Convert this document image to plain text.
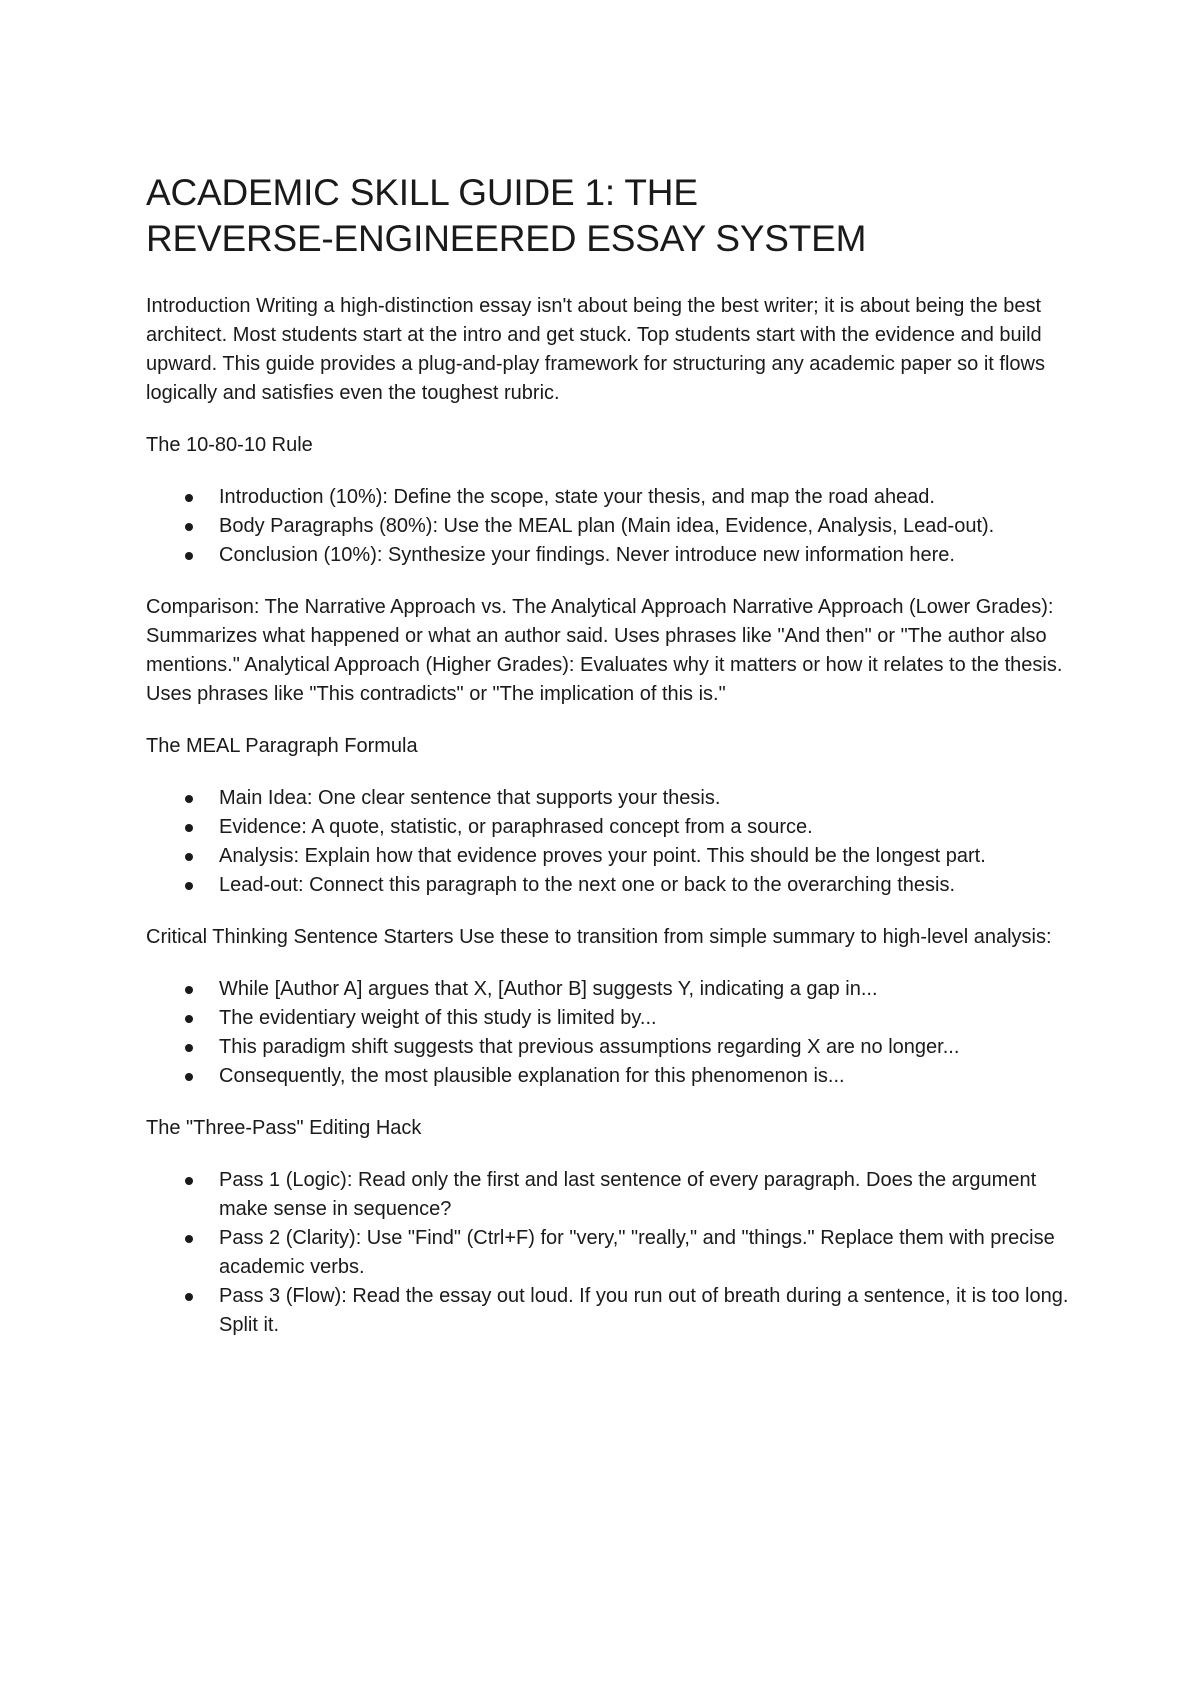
ACADEMIC SKILL GUIDE 1: THE
REVERSE-ENGINEERED ESSAY SYSTEM

Introduction Writing a high-distinction essay isn't about being the best writer; it is about being the best architect. Most students start at the intro and get stuck. Top students start with the evidence and build upward. This guide provides a plug-and-play framework for structuring any academic paper so it flows logically and satisfies even the toughest rubric.

The 10-80-10 Rule
Introduction (10%): Define the scope, state your thesis, and map the road ahead.
Body Paragraphs (80%): Use the MEAL plan (Main idea, Evidence, Analysis, Lead-out).
Conclusion (10%): Synthesize your findings. Never introduce new information here.

Comparison: The Narrative Approach vs. The Analytical Approach Narrative Approach (Lower Grades): Summarizes what happened or what an author said. Uses phrases like "And then" or "The author also mentions." Analytical Approach (Higher Grades): Evaluates why it matters or how it relates to the thesis. Uses phrases like "This contradicts" or "The implication of this is."

The MEAL Paragraph Formula
Main Idea: One clear sentence that supports your thesis.
Evidence: A quote, statistic, or paraphrased concept from a source.
Analysis: Explain how that evidence proves your point. This should be the longest part.
Lead-out: Connect this paragraph to the next one or back to the overarching thesis.

Critical Thinking Sentence Starters Use these to transition from simple summary to high-level analysis:

While [Author A] argues that X, [Author B] suggests Y, indicating a gap in...
The evidentiary weight of this study is limited by...
This paradigm shift suggests that previous assumptions regarding X are no longer...
Consequently, the most plausible explanation for this phenomenon is...
The "Three-Pass" Editing Hack
Pass 1 (Logic): Read only the first and last sentence of every paragraph. Does the argument make sense in sequence?
Pass 2 (Clarity): Use "Find" (Ctrl+F) for "very," "really," and "things." Replace them with precise academic verbs.
Pass 3 (Flow): Read the essay out loud. If you run out of breath during a sentence, it is too long. Split it.
